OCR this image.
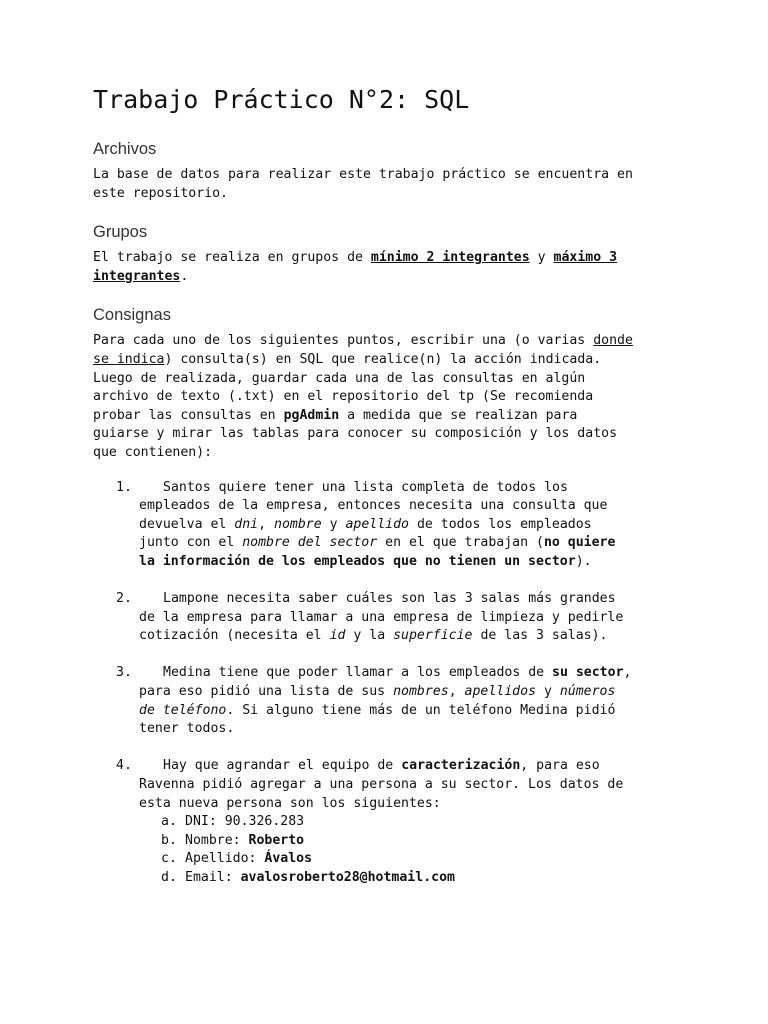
Trabajo Práctico N°2: SQL
Archivos

La base de datos para realizar este trabajo práctico se encuentra en
este repositorio.

Grupos

El trabajo se realiza en grupos de mínimo 2 integrantes y máximo 3
integrantes.

Consignas

Para cada uno de los siguientes puntos, escribir una (o varias donde
se indica) consulta(s) en SQL que realice(n) la acción indicada.
Luego de realizada, guardar cada una de las consultas en algún
archivo de texto (.txt) en el repositorio del tp (Se recomienda
probar las consultas en pgAdmin a medida que se realizan para
guiarse y mirar las tablas para conocer su composición y los datos
que contienen):

1.	Santos quiere tener una lista completa de todos los
empleados de la empresa, entonces necesita una consulta que
devuelva el dni, nombre y apellido de todos los empleados
junto con el nombre del sector en el que trabajan (no quiere
la información de los empleados que no tienen un sector).
2.	Lampone necesita saber cuáles son las 3 salas más grandes
de la empresa para llamar a una empresa de limpieza y pedirle
cotización (necesita el id y la superficie de las 3 salas).
3.	Medina tiene que poder llamar a los empleados de su sector,
para eso pidió una lista de sus nombres, apellidos y números
de teléfono. Si alguno tiene más de un teléfono Medina pidió
tener todos.
4.	Hay que agrandar el equipo de caracterización, para eso
Ravenna pidió agregar a una persona a su sector. Los datos de
esta nueva persona son los siguientes:
a. DNI: 90.326.283
b. Nombre: Roberto
c. Apellido: Ávalos
d. Email: avalosroberto28@hotmail.com
